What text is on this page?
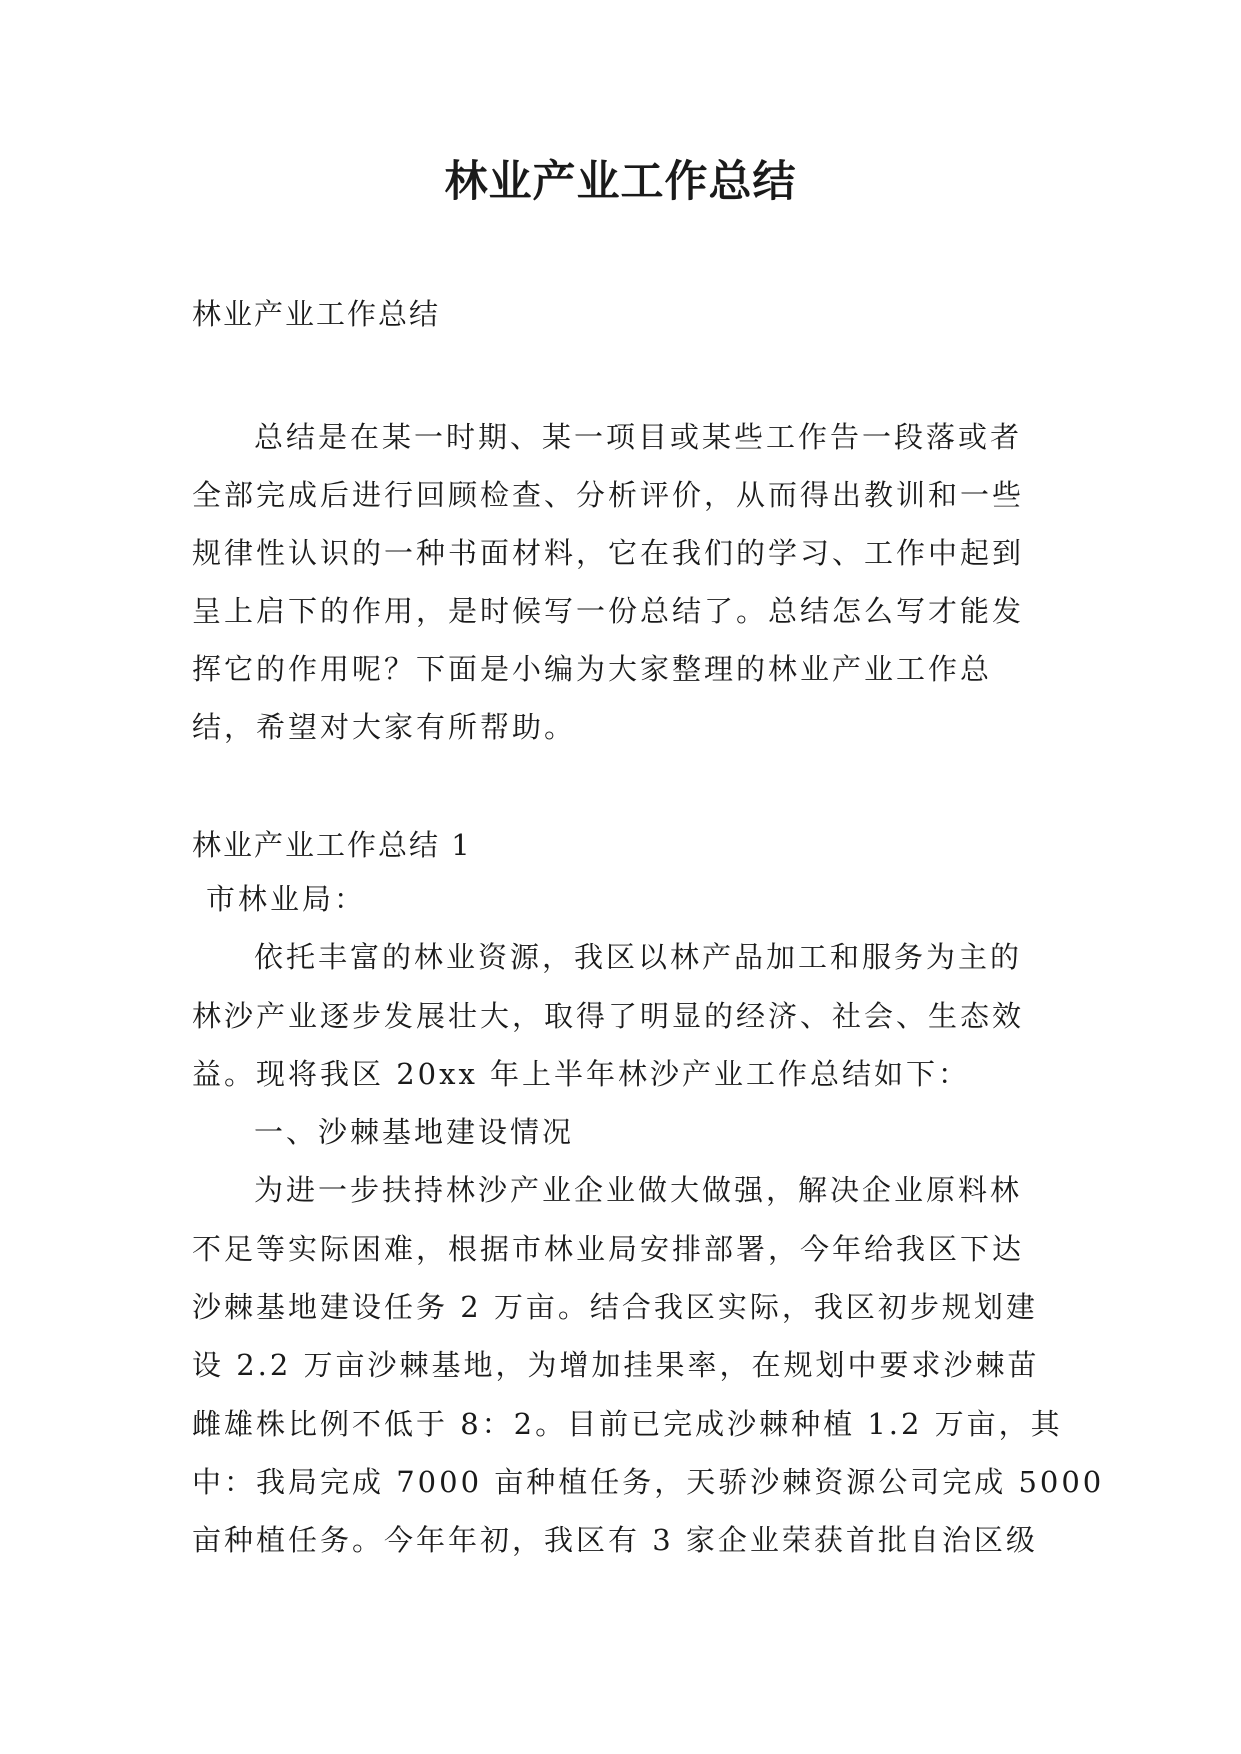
林业产业工作总结

林业产业工作总结

总结是在某一时期、某一项目或某些工作告一段落或者
全部完成后进行回顾检查、分析评价，从而得出教训和一些
规律性认识的一种书面材料，它在我们的学习、工作中起到
呈上启下的作用，是时候写一份总结了。总结怎么写才能发
挥它的作用呢？下面是小编为大家整理的林业产业工作总
结，希望对大家有所帮助。

林业产业工作总结 1

市林业局：
依托丰富的林业资源，我区以林产品加工和服务为主的
林沙产业逐步发展壮大，取得了明显的经济、社会、生态效
益。现将我区 20xx 年上半年林沙产业工作总结如下：
一、沙棘基地建设情况
为进一步扶持林沙产业企业做大做强，解决企业原料林
不足等实际困难，根据市林业局安排部署，今年给我区下达
沙棘基地建设任务 2 万亩。结合我区实际，我区初步规划建
设 2.2 万亩沙棘基地，为增加挂果率，在规划中要求沙棘苗
雌雄株比例不低于 8：2。目前已完成沙棘种植 1.2 万亩，其
中：我局完成 7000 亩种植任务，天骄沙棘资源公司完成 5000
亩种植任务。今年年初，我区有 3 家企业荣获首批自治区级
